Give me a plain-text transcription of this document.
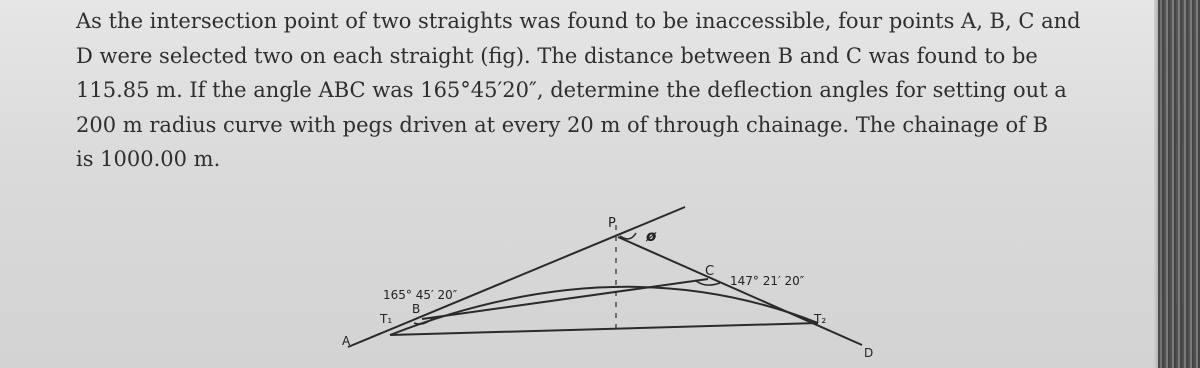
As the intersection point of two straights was found to be inaccessible, four points A, B, C and
D were selected two on each straight (fig). The distance between B and C was found to be
115.85 m. If the angle ABC was 165°45′20″, determine the deflection angles for setting out a
200 m radius curve with pegs driven at every 20 m of through chainage. The chainage of B
is 1000.00 m.

P
ø
C
147° 21′ 20″
165° 45′ 20″
B
T₁	T₂
A
D
